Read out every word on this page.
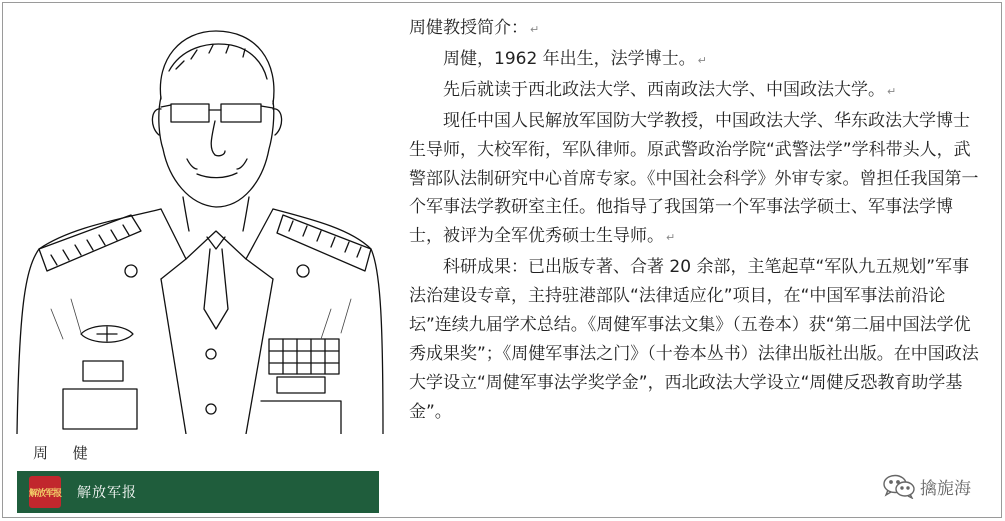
周 健
解放军报 解放军报

周健教授简介： ↵

周健，1962 年出生，法学博士。 ↵

先后就读于西北政法大学、西南政法大学、中国政法大学。 ↵

现任中国人民解放军国防大学教授，中国政法大学、华东政法大学博士生导师，大校军衔，军队律师。原武警政治学院“武警法学”学科带头人，武警部队法制研究中心首席专家。《中国社会科学》外审专家。曾担任我国第一个军事法学教研室主任。他指导了我国第一个军事法学硕士、军事法学博士，被评为全军优秀硕士生导师。 ↵

科研成果：已出版专著、合著 20 余部，主笔起草“军队九五规划”军事法治建设专章，主持驻港部队“法律适应化”项目，在“中国军事法前沿论坛”连续九届学术总结。《周健军事法文集》（五卷本）获“第二届中国法学优秀成果奖”；《周健军事法之门》（十卷本丛书）法律出版社出版。在中国政法大学设立“周健军事法学奖学金”，西北政法大学设立“周健反恐教育助学基金”。

擒旎海
